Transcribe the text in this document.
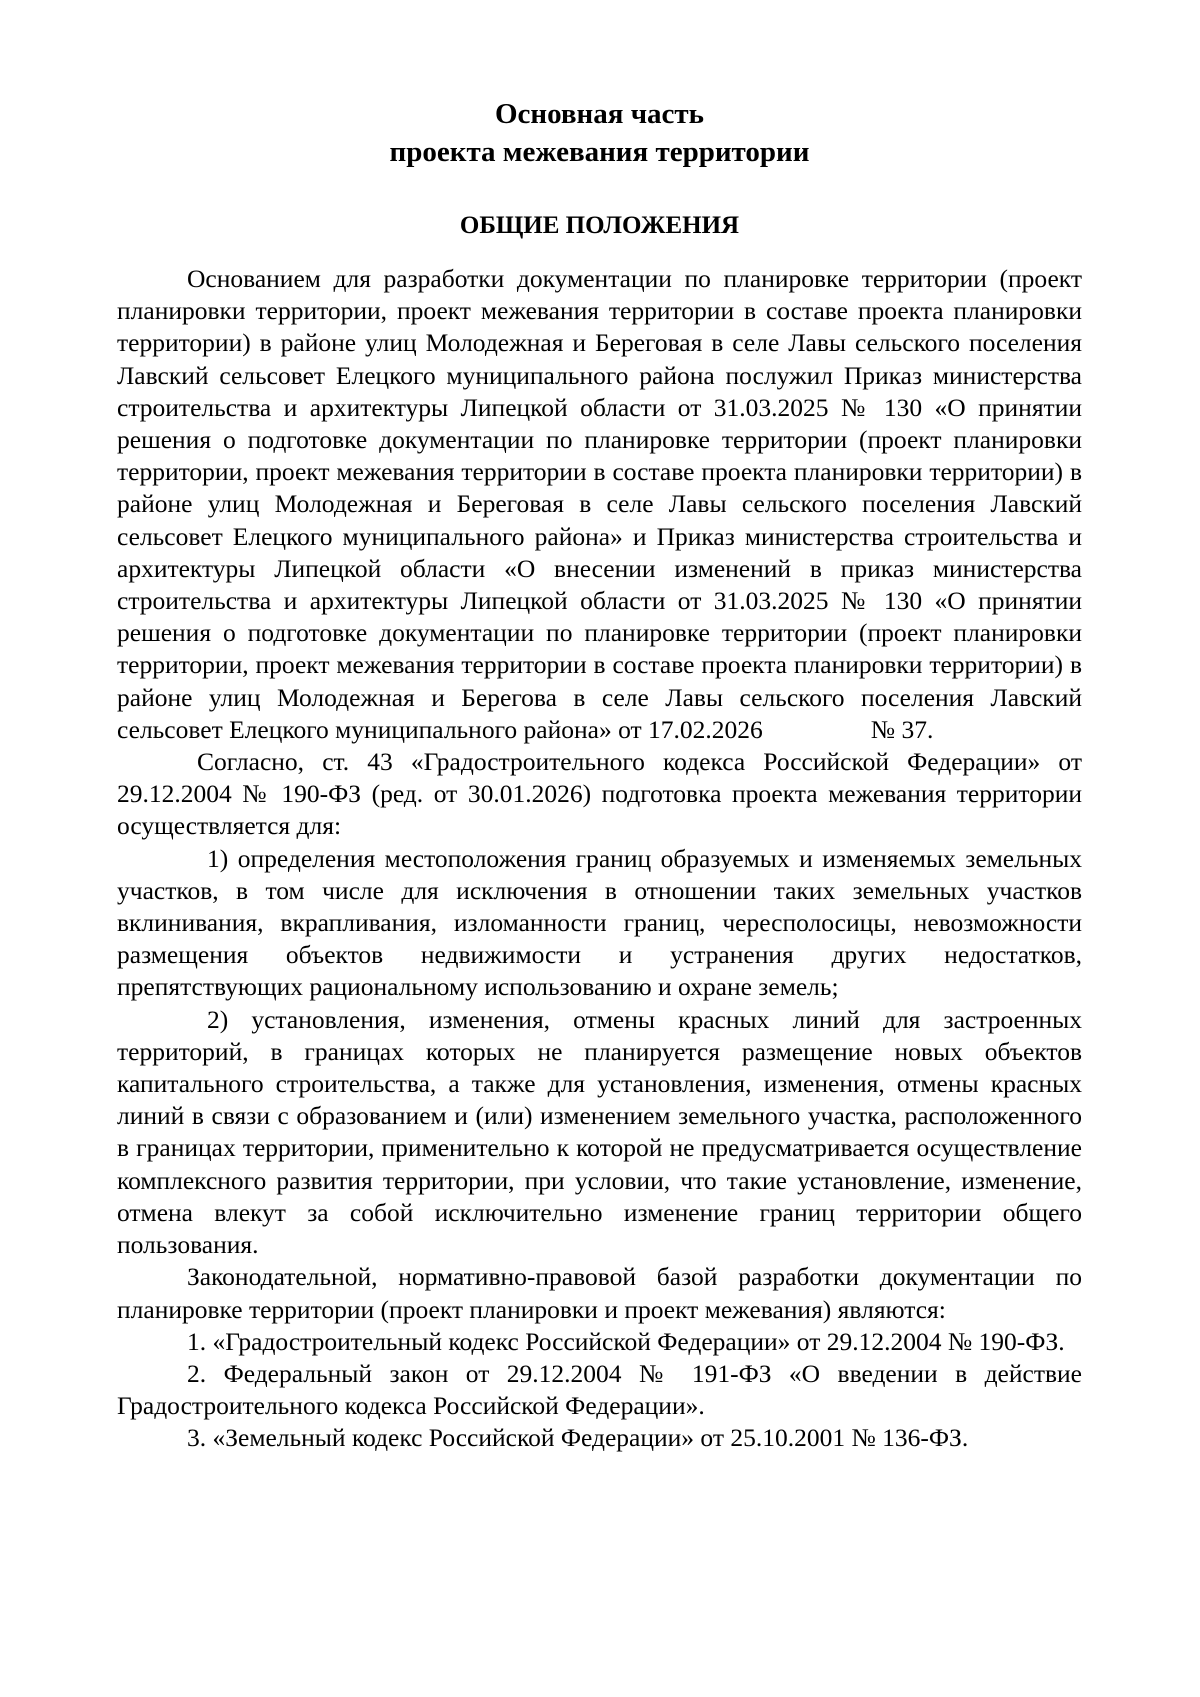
Основная часть

проекта межевания территории

ОБЩИЕ ПОЛОЖЕНИЯ

Основанием для разработки документации по планировке территории (проект планировки территории, проект межевания территории в составе проекта планировки территории) в районе улиц Молодежная и Береговая в селе Лавы сельского поселения Лавский сельсовет Елецкого муниципального района послужил Приказ министерства строительства и архитектуры Липецкой области от 31.03.2025 № 130 «О принятии решения о подготовке документации по планировке территории (проект планировки территории, проект межевания территории в составе проекта планировки территории) в районе улиц Молодежная и Береговая в селе Лавы сельского поселения Лавский сельсовет Елецкого муниципального района» и Приказ министерства строительства и архитектуры Липецкой области «О внесении изменений в приказ министерства строительства и архитектуры Липецкой области от 31.03.2025 № 130 «О принятии решения о подготовке документации по планировке территории (проект планировки территории, проект межевания территории в составе проекта планировки территории) в районе улиц Молодежная и Берегова в селе Лавы сельского поселения Лавский сельсовет Елецкого муниципального района» от 17.02.2026	№ 37.

Согласно, ст. 43 «Градостроительного кодекса Российской Федерации» от 29.12.2004 № 190-ФЗ (ред. от 30.01.2026) подготовка проекта межевания территории осуществляется для:

1) определения местоположения границ образуемых и изменяемых земельных участков, в том числе для исключения в отношении таких земельных участков вклинивания, вкрапливания, изломанности границ, чересполосицы, невозможности размещения объектов недвижимости и устранения других недостатков, препятствующих рациональному использованию и охране земель;

2) установления, изменения, отмены красных линий для застроенных территорий, в границах которых не планируется размещение новых объектов капитального строительства, а также для установления, изменения, отмены красных линий в связи с образованием и (или) изменением земельного участка, расположенного в границах территории, применительно к которой не предусматривается осуществление комплексного развития территории, при условии, что такие установление, изменение, отмена влекут за собой исключительно изменение границ территории общего пользования.

Законодательной, нормативно-правовой базой разработки документации по планировке территории (проект планировки и проект межевания) являются:

1. «Градостроительный кодекс Российской Федерации» от 29.12.2004 № 190-ФЗ.

2. Федеральный закон от 29.12.2004 № 191-ФЗ «О введении в действие Градостроительного кодекса Российской Федерации».

3. «Земельный кодекс Российской Федерации» от 25.10.2001 № 136-ФЗ.
